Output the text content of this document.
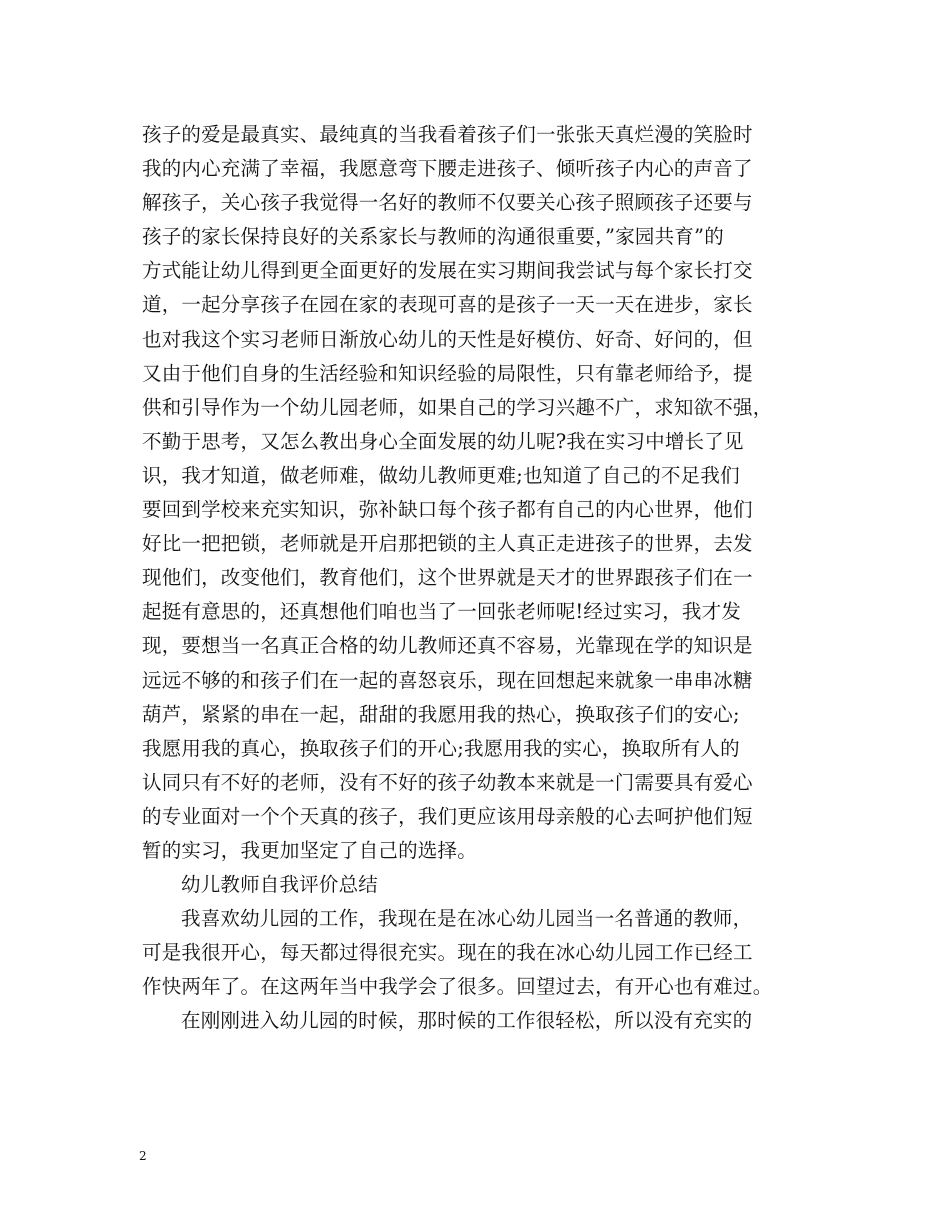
孩子的爱是最真实、最纯真的当我看着孩子们一张张天真烂漫的笑脸时
我的内心充满了幸福，我愿意弯下腰走进孩子、倾听孩子内心的声音了
解孩子，关心孩子我觉得一名好的教师不仅要关心孩子照顾孩子还要与
孩子的家长保持良好的关系家长与教师的沟通很重要，”家园共育”的
方式能让幼儿得到更全面更好的发展在实习期间我尝试与每个家长打交
道，一起分享孩子在园在家的表现可喜的是孩子一天一天在进步，家长
也对我这个实习老师日渐放心幼儿的天性是好模仿、好奇、好问的，但
又由于他们自身的生活经验和知识经验的局限性，只有靠老师给予，提
供和引导作为一个幼儿园老师，如果自己的学习兴趣不广，求知欲不强，
不勤于思考，又怎么教出身心全面发展的幼儿呢?我在实习中增长了见
识，我才知道，做老师难，做幼儿教师更难;也知道了自己的不足我们
要回到学校来充实知识，弥补缺口每个孩子都有自己的内心世界，他们
好比一把把锁，老师就是开启那把锁的主人真正走进孩子的世界，去发
现他们，改变他们，教育他们，这个世界就是天才的世界跟孩子们在一
起挺有意思的，还真想他们咱也当了一回张老师呢!经过实习，我才发
现，要想当一名真正合格的幼儿教师还真不容易，光靠现在学的知识是
远远不够的和孩子们在一起的喜怒哀乐，现在回想起来就象一串串冰糖
葫芦，紧紧的串在一起，甜甜的我愿用我的热心，换取孩子们的安心;
我愿用我的真心，换取孩子们的开心;我愿用我的实心，换取所有人的
认同只有不好的老师，没有不好的孩子幼教本来就是一门需要具有爱心
的专业面对一个个天真的孩子，我们更应该用母亲般的心去呵护他们短
暂的实习，我更加坚定了自己的选择。
幼儿教师自我评价总结
我喜欢幼儿园的工作，我现在是在冰心幼儿园当一名普通的教师，
可是我很开心，每天都过得很充实。现在的我在冰心幼儿园工作已经工
作快两年了。在这两年当中我学会了很多。回望过去，有开心也有难过。
在刚刚进入幼儿园的时候，那时候的工作很轻松，所以没有充实的
2
